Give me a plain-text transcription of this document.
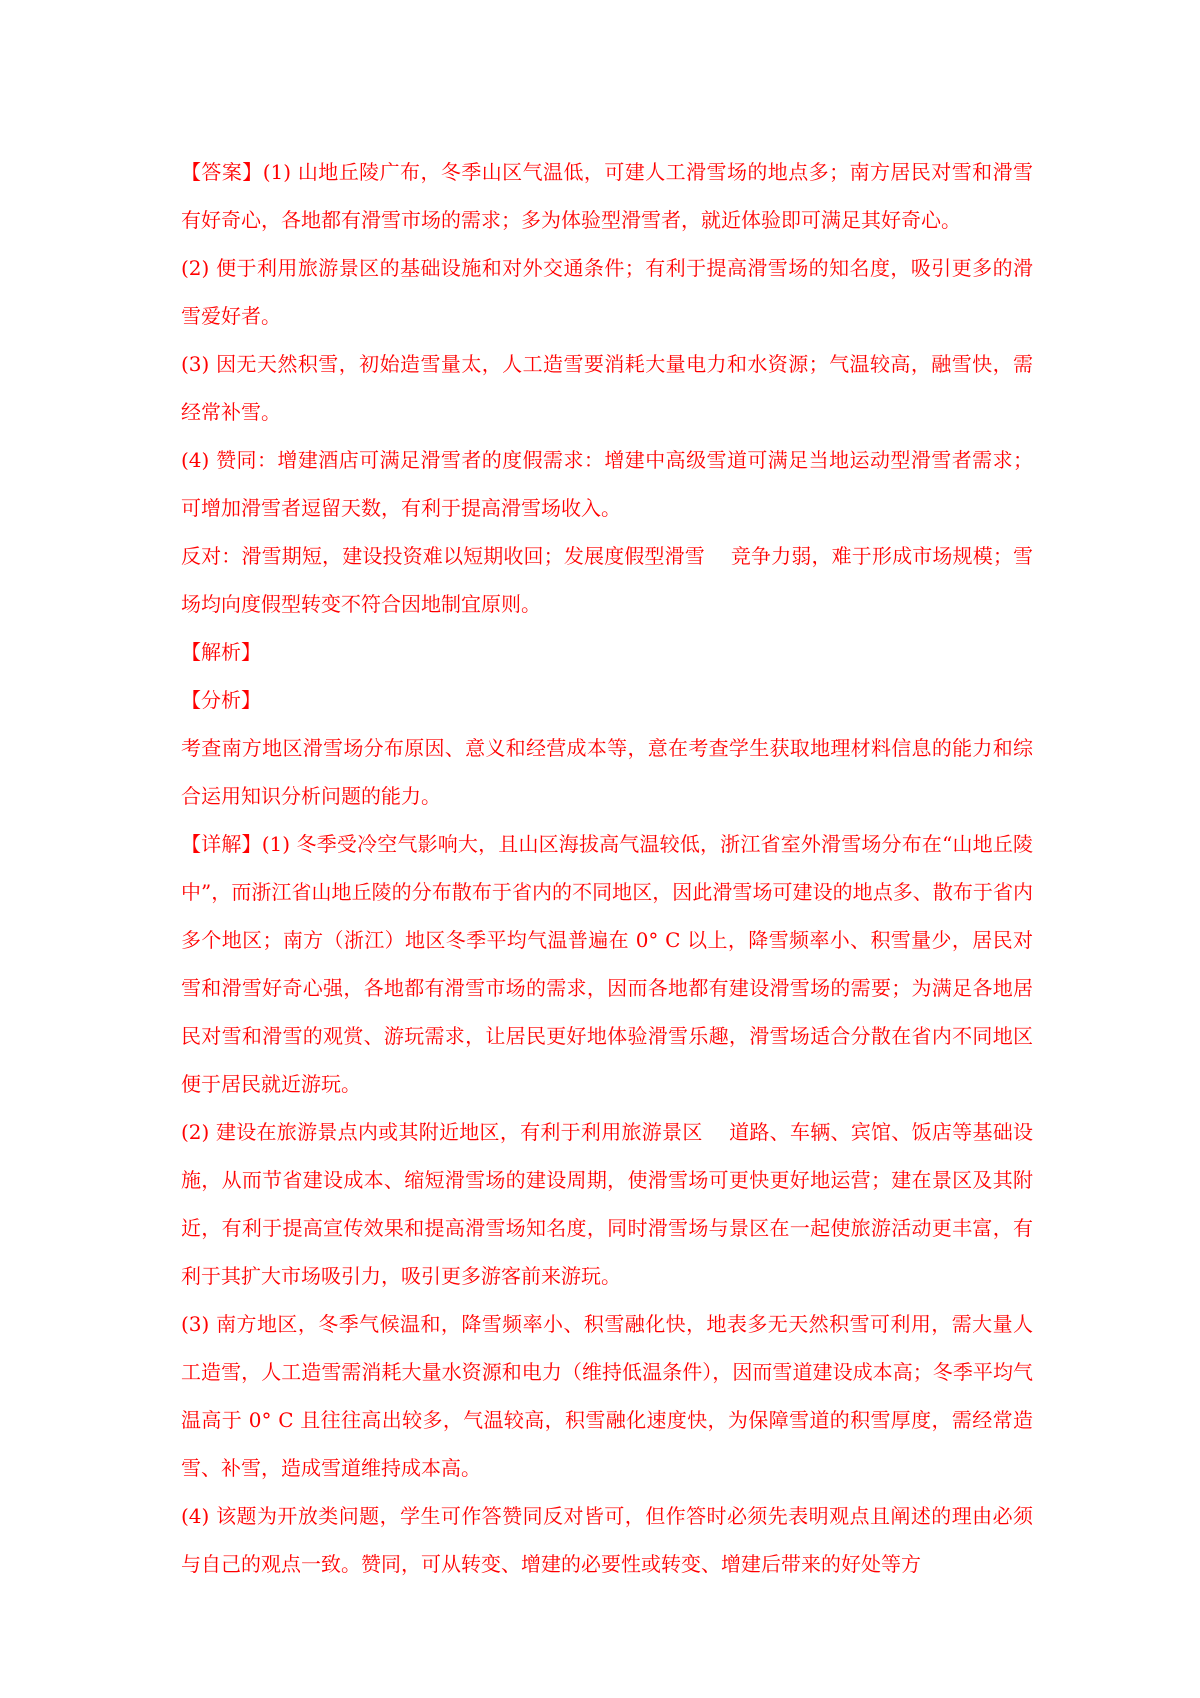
【答案】(1) 山地丘陵广布，冬季山区气温低，可建人工滑雪场的地点多；南方居民对雪和滑雪有好奇心，各地都有滑雪市场的需求；多为体验型滑雪者，就近体验即可满足其好奇心。

(2) 便于利用旅游景区的基础设施和对外交通条件；有利于提高滑雪场的知名度，吸引更多的滑雪爱好者。

(3) 因无天然积雪，初始造雪量太，人工造雪要消耗大量电力和水资源；气温较高，融雪快，需经常补雪。

(4) 赞同：增建酒店可满足滑雪者的度假需求：增建中高级雪道可满足当地运动型滑雪者需求；可增加滑雪者逗留天数，有利于提高滑雪场收入。

反对：滑雪期短，建设投资难以短期收回；发展度假型滑雪    竞争力弱，难于形成市场规模；雪场均向度假型转变不符合因地制宜原则。

【解析】

【分析】

考查南方地区滑雪场分布原因、意义和经营成本等，意在考查学生获取地理材料信息的能力和综合运用知识分析问题的能力。

【详解】(1) 冬季受冷空气影响大，且山区海拔高气温较低，浙江省室外滑雪场分布在“山地丘陵中”，而浙江省山地丘陵的分布散布于省内的不同地区，因此滑雪场可建设的地点多、散布于省内多个地区；南方（浙江）地区冬季平均气温普遍在 0° C 以上，降雪频率小、积雪量少，居民对雪和滑雪好奇心强，各地都有滑雪市场的需求，因而各地都有建设滑雪场的需要；为满足各地居民对雪和滑雪的观赏、游玩需求，让居民更好地体验滑雪乐趣，滑雪场适合分散在省内不同地区便于居民就近游玩。

(2) 建设在旅游景点内或其附近地区，有利于利用旅游景区    道路、车辆、宾馆、饭店等基础设施，从而节省建设成本、缩短滑雪场的建设周期，使滑雪场可更快更好地运营；建在景区及其附近，有利于提高宣传效果和提高滑雪场知名度，同时滑雪场与景区在一起使旅游活动更丰富，有利于其扩大市场吸引力，吸引更多游客前来游玩。

(3) 南方地区，冬季气候温和，降雪频率小、积雪融化快，地表多无天然积雪可利用，需大量人工造雪，人工造雪需消耗大量水资源和电力（维持低温条件），因而雪道建设成本高；冬季平均气温高于 0° C 且往往高出较多，气温较高，积雪融化速度快，为保障雪道的积雪厚度，需经常造雪、补雪，造成雪道维持成本高。

(4) 该题为开放类问题，学生可作答赞同反对皆可，但作答时必须先表明观点且阐述的理由必须与自己的观点一致。赞同，可从转变、增建的必要性或转变、增建后带来的好处等方
